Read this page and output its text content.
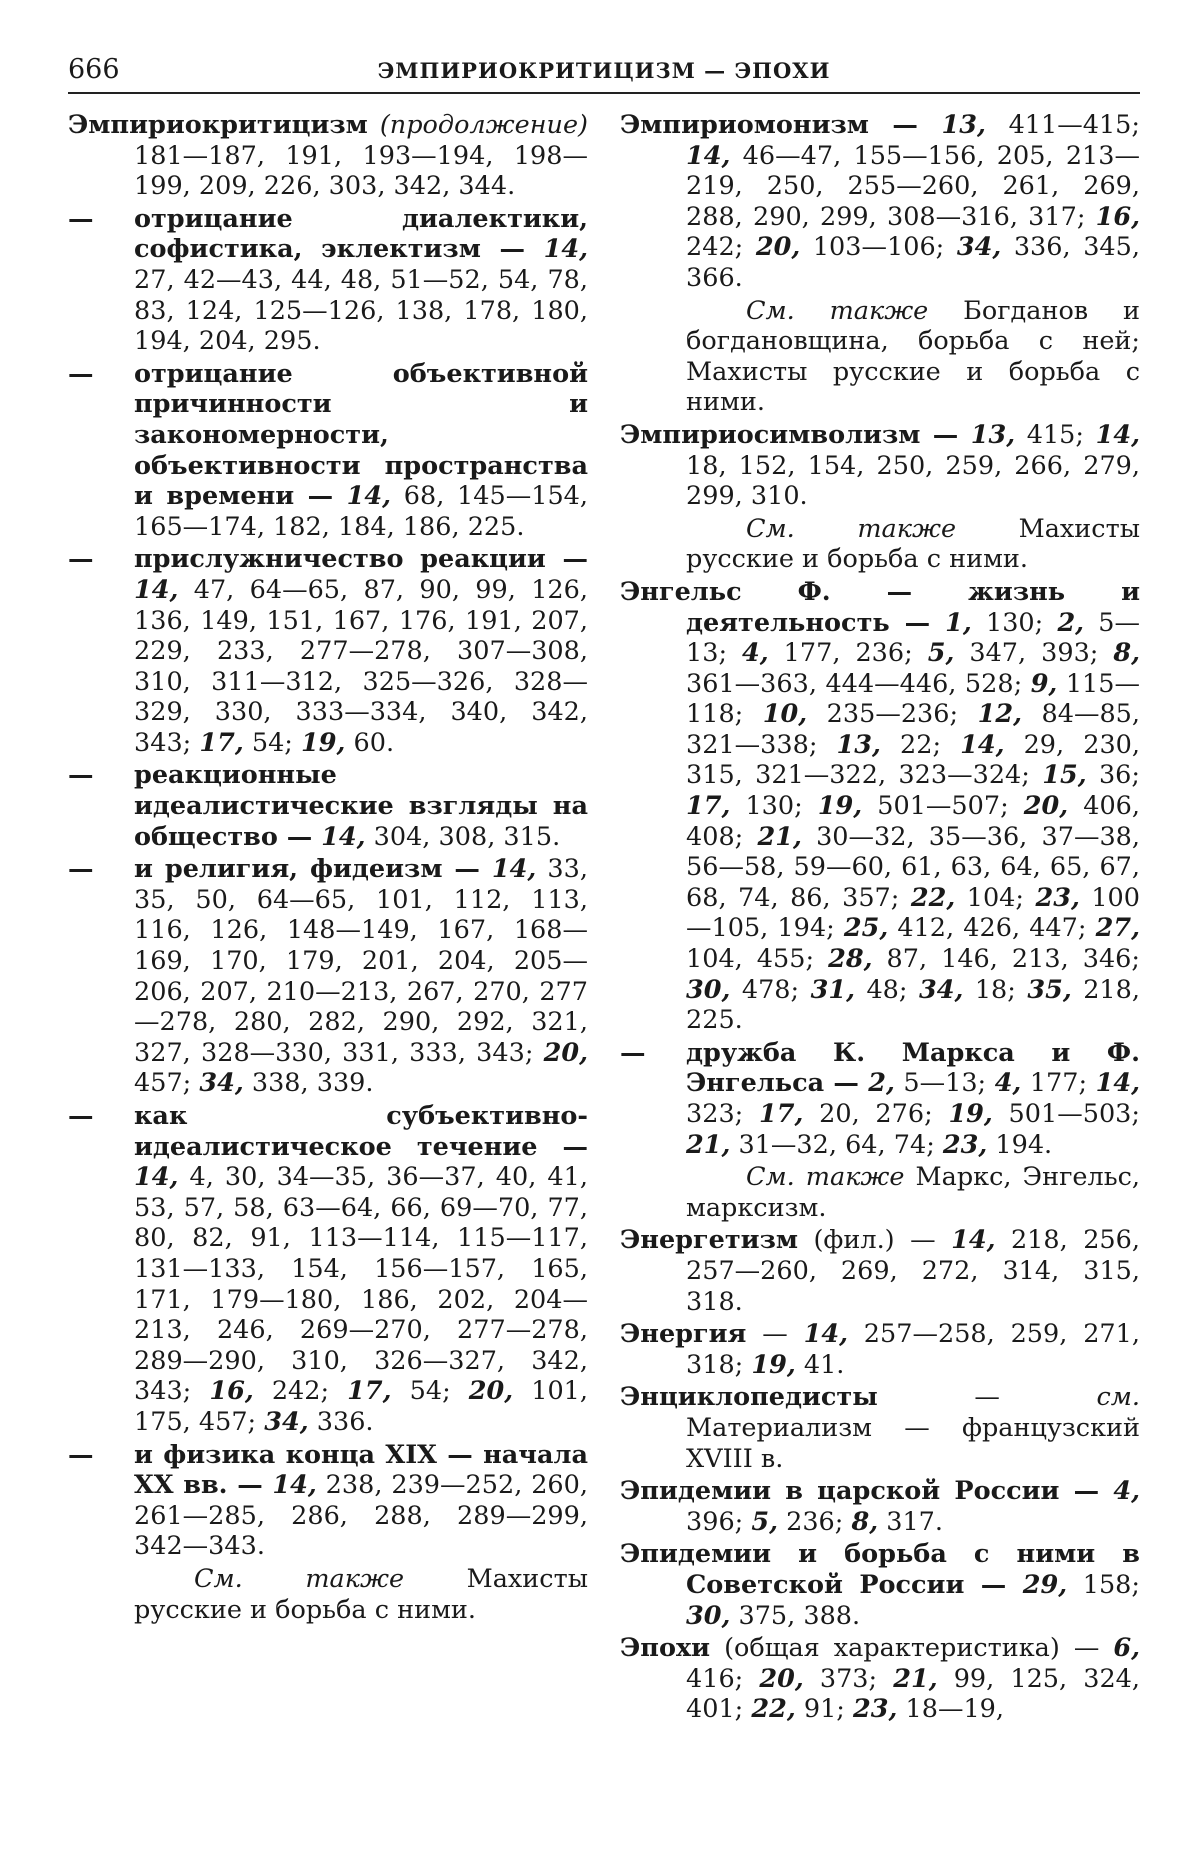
666	ЭМПИРИОКРИТИЦИЗМ — ЭПОХИ

Эмпириокритицизм (продолжение) 181—187, 191, 193—194, 198—199, 209, 226, 303, 342, 344.

— отрицание диалектики, софистика, эклектизм — 14, 27, 42—43, 44, 48, 51—52, 54, 78, 83, 124, 125—126, 138, 178, 180, 194, 204, 295.

— отрицание объективной причинности и закономерности, объективности пространства и времени — 14, 68, 145—154, 165—174, 182, 184, 186, 225.

— прислужничество реакции — 14, 47, 64—65, 87, 90, 99, 126, 136, 149, 151, 167, 176, 191, 207, 229, 233, 277—278, 307—308, 310, 311—312, 325—326, 328—329, 330, 333—334, 340, 342, 343; 17, 54; 19, 60.

— реакционные идеалистические взгляды на общество — 14, 304, 308, 315.

— и религия, фидеизм — 14, 33, 35, 50, 64—65, 101, 112, 113, 116, 126, 148—149, 167, 168—169, 170, 179, 201, 204, 205—206, 207, 210—213, 267, 270, 277—278, 280, 282, 290, 292, 321, 327, 328—330, 331, 333, 343; 20, 457; 34, 338, 339.

— как субъективно-идеалистическое течение — 14, 4, 30, 34—35, 36—37, 40, 41, 53, 57, 58, 63—64, 66, 69—70, 77, 80, 82, 91, 113—114, 115—117, 131—133, 154, 156—157, 165, 171, 179—180, 186, 202, 204—213, 246, 269—270, 277—278, 289—290, 310, 326—327, 342, 343; 16, 242; 17, 54; 20, 101, 175, 457; 34, 336.

— и физика конца XIX — начала XX вв. — 14, 238, 239—252, 260, 261—285, 286, 288, 289—299, 342—343.

См. также Махисты русские и борьба с ними.

Эмпириомонизм — 13, 411—415; 14, 46—47, 155—156, 205, 213—219, 250, 255—260, 261, 269, 288, 290, 299, 308—316, 317; 16, 242; 20, 103—106; 34, 336, 345, 366.

См. также Богданов и богдановщина, борьба с ней; Махисты русские и борьба с ними.

Эмпириосимволизм — 13, 415; 14, 18, 152, 154, 250, 259, 266, 279, 299, 310.

См. также Махисты русские и борьба с ними.

Энгельс Ф. — жизнь и деятельность — 1, 130; 2, 5—13; 4, 177, 236; 5, 347, 393; 8, 361—363, 444—446, 528; 9, 115—118; 10, 235—236; 12, 84—85, 321—338; 13, 22; 14, 29, 230, 315, 321—322, 323—324; 15, 36; 17, 130; 19, 501—507; 20, 406, 408; 21, 30—32, 35—36, 37—38, 56—58, 59—60, 61, 63, 64, 65, 67, 68, 74, 86, 357; 22, 104; 23, 100—105, 194; 25, 412, 426, 447; 27, 104, 455; 28, 87, 146, 213, 346; 30, 478; 31, 48; 34, 18; 35, 218, 225.

— дружба К. Маркса и Ф. Энгельса — 2, 5—13; 4, 177; 14, 323; 17, 20, 276; 19, 501—503; 21, 31—32, 64, 74; 23, 194.

См. также Маркс, Энгельс, марксизм.

Энергетизм (фил.) — 14, 218, 256, 257—260, 269, 272, 314, 315, 318.

Энергия — 14, 257—258, 259, 271, 318; 19, 41.

Энциклопедисты — см. Материализм — французский XVIII в.

Эпидемии в царской России — 4, 396; 5, 236; 8, 317.

Эпидемии и борьба с ними в Советской России — 29, 158; 30, 375, 388.

Эпохи (общая характеристика) — 6, 416; 20, 373; 21, 99, 125, 324, 401; 22, 91; 23, 18—19,
